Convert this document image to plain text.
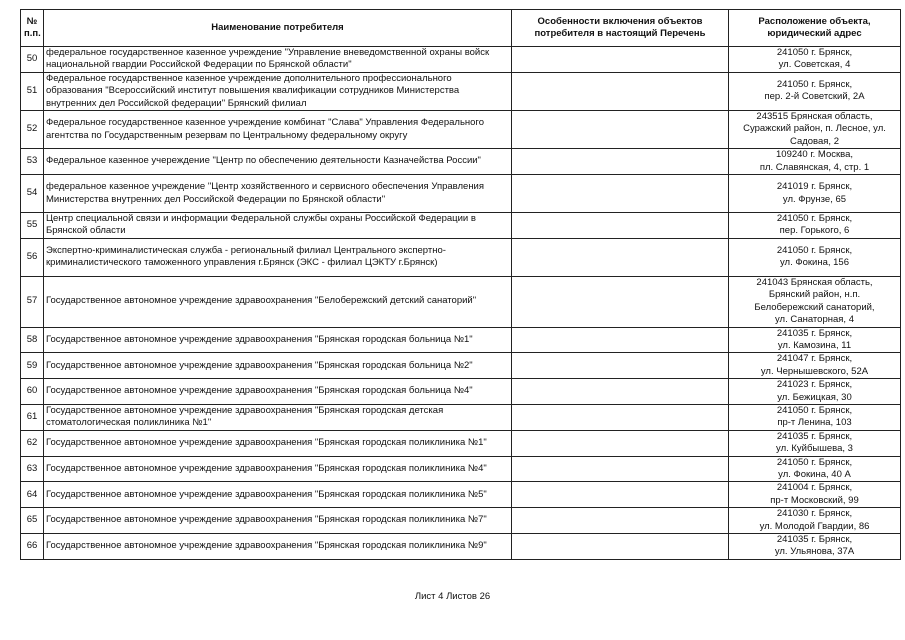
№
п.п.	Наименование потребителя	Особенности включения объектов потребителя в настоящий Перечень	Расположение объекта, юридический адрес
50	федеральное государственное казенное учреждение "Управление вневедомственной охраны войск национальной гвардии Российской Федерации по Брянской области"		241050 г. Брянск,
ул. Советская, 4
51	Федеральное государственное казенное учреждение дополнительного профессионального образования "Всероссийский институт повышения квалификации сотрудников Министерства внутренних дел Российской федерации" Брянский филиал		241050 г. Брянск,
пер. 2-й Советский, 2А
52	Федеральное государственное казенное учреждение комбинат "Слава" Управления Федерального агентства по Государственным резервам по Центральному федеральному округу		243515 Брянская область,
Суражский район, п. Лесное, ул.
Садовая, 2
53	Федеральное казенное учереждение "Центр по обеспечению деятельности Казначейства России"		109240 г. Москва,
пл. Славянская, 4, стр. 1
54	федеральное казенное учреждение "Центр хозяйственного и сервисного обеспечения Управления Министерства внутренних дел Российской Федерации по Брянской области"		241019 г. Брянск,
ул. Фрунзе, 65
55	Центр специальной связи и информации Федеральной службы охраны Российской Федерации в Брянской области		241050 г. Брянск,
пер. Горького, 6
56	Экспертно-криминалистическая служба - региональный филиал Центрального экспертно-криминалистического таможенного управления г.Брянск (ЭКС - филиал ЦЭКТУ г.Брянск)		241050 г. Брянск,
ул. Фокина, 156
57	Государственное автономное учреждение здравоохранения "Белобережский детский санаторий"		241043 Брянская область,
Брянский район, н.п.
Белобережский санаторий,
ул. Санаторная, 4
58	Государственное автономное учреждение здравоохранения "Брянская городская больница №1"		241035 г. Брянск,
ул. Камозина, 11
59	Государственное автономное учреждение здравоохранения "Брянская городская больница №2"		241047 г. Брянск,
ул. Чернышевского, 52А
60	Государственное автономное учреждение здравоохранения "Брянская городская больница №4"		241023 г. Брянск,
ул. Бежицкая, 30
61	Государственное автономное учреждение здравоохранения "Брянская городская детская стоматологическая поликлиника №1"		241050 г. Брянск,
пр-т Ленина, 103
62	Государственное автономное учреждение здравоохранения "Брянская городская поликлиника №1"		241035 г. Брянск,
ул. Куйбышева, 3
63	Государственное автономное учреждение здравоохранения "Брянская городская поликлиника №4"		241050 г. Брянск,
ул. Фокина, 40 А
64	Государственное автономное учреждение здравоохранения "Брянская городская поликлиника №5"		241004 г. Брянск,
пр-т Московский, 99
65	Государственное автономное учреждение здравоохранения "Брянская городская поликлиника №7"		241030 г. Брянск,
ул. Молодой Гвардии, 86
66	Государственное автономное учреждение здравоохранения "Брянская городская поликлиника №9"		241035 г. Брянск,
ул. Ульянова, 37А
Лист 4 Листов 26
